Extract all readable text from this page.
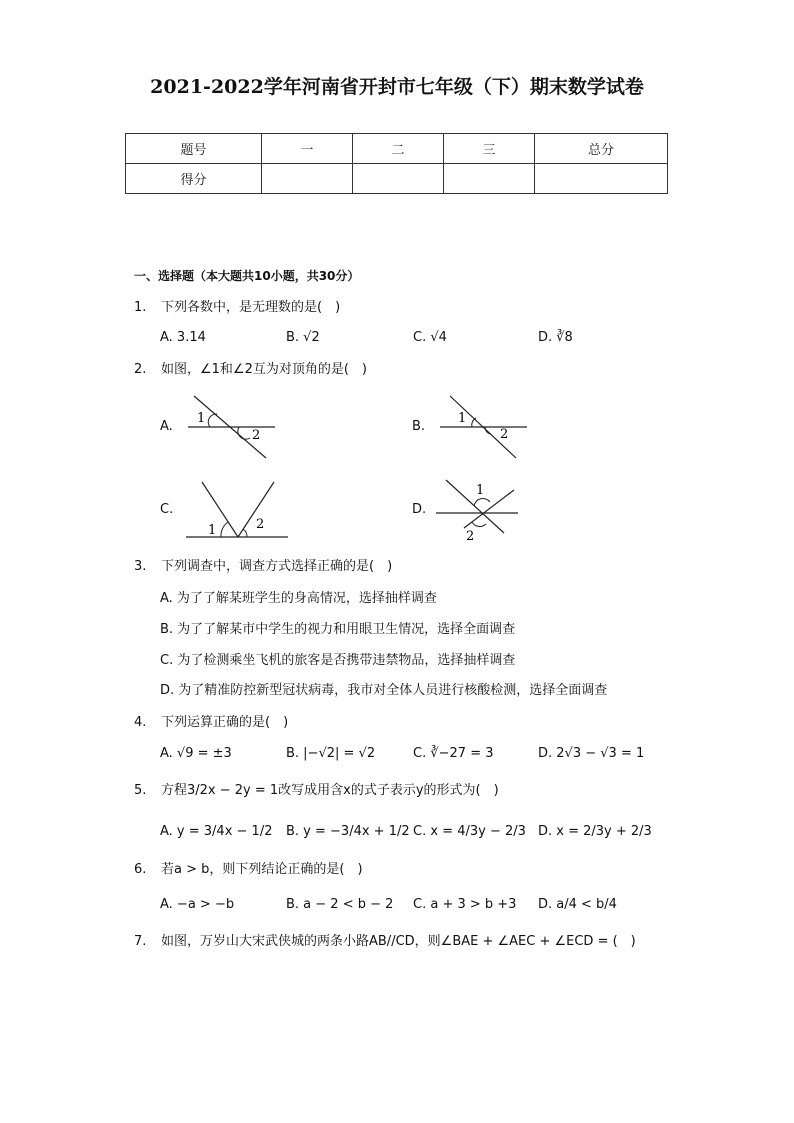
2021-2022学年河南省开封市七年级（下）期末数学试卷
题号	一	二	三	总分
得分				
一、选择题（本大题共10小题，共30分）
1. 下列各数中，是无理数的是(　)
A. 3.14	B. √2	C. √4	D. ∛8
2. 如图，∠1和∠2互为对顶角的是(　)
A.
1
2
B.
1
2
C.
1	2
D.
1
2
3. 下列调查中，调查方式选择正确的是(　)
A. 为了了解某班学生的身高情况，选择抽样调查
B. 为了了解某市中学生的视力和用眼卫生情况，选择全面调查
C. 为了检测乘坐飞机的旅客是否携带违禁物品，选择抽样调查
D. 为了精准防控新型冠状病毒，我市对全体人员进行核酸检测，选择全面调查
4. 下列运算正确的是(　)
A. √9 = ±3	B. |−√2| = √2	C. ∛−27 = 3	D. 2√3 − √3 = 1
5. 方程3/2x − 2y = 1改写成用含x的式子表示y的形式为(　)
A. y = 3/4x − 1/2 B. y = −3/4x + 1/2 C. x = 4/3y − 2/3 D. x = 2/3y + 2/3
6. 若a > b，则下列结论正确的是(　)
A. −a > −b	B. a − 2 < b − 2 C. a + 3 > b +3 D. a/4 < b/4
7. 如图，万岁山大宋武侠城的两条小路AB//CD，则∠BAE + ∠AEC + ∠ECD = (　)
